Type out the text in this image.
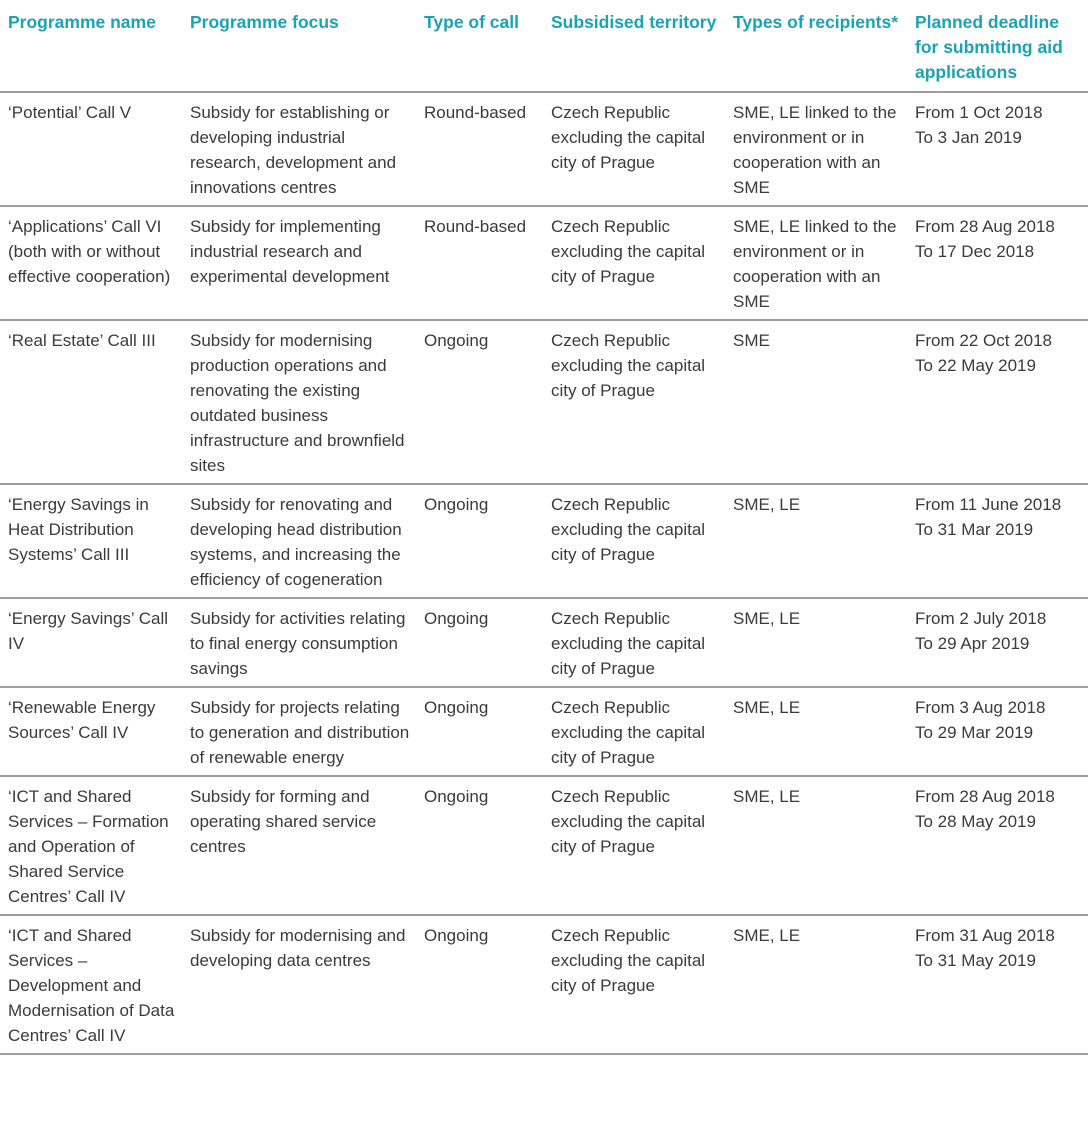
Programme name	Programme focus	Type of call	Subsidised territory	Types of recipients*	Planned deadline for submitting aid applications
‘Potential’ Call V	Subsidy for establishing or developing industrial research, development and innovations centres	Round-based	Czech Republic excluding the capital city of Prague	SME, LE linked to the environment or in cooperation with an SME	From 1 Oct 2018
To 3 Jan 2019

‘Applications’ Call VI (both with or without effective cooperation)	Subsidy for implementing industrial research and experimental development	Round-based	Czech Republic excluding the capital city of Prague	SME, LE linked to the environment or in cooperation with an SME	From 28 Aug 2018
To 17 Dec 2018

‘Real Estate’ Call III	Subsidy for modernising production operations and renovating the existing outdated business infrastructure and brownfield sites	Ongoing	Czech Republic excluding the capital city of Prague	SME	From 22 Oct 2018
To 22 May 2019

‘Energy Savings in Heat Distribution Systems’ Call III	Subsidy for renovating and developing head distribution systems, and increasing the efficiency of cogeneration	Ongoing	Czech Republic excluding the capital city of Prague	SME, LE	From 11 June 2018
To 31 Mar 2019

‘Energy Savings’ Call IV	Subsidy for activities relating to final energy consumption savings	Ongoing	Czech Republic excluding the capital city of Prague	SME, LE	From 2 July 2018
To 29 Apr 2019

‘Renewable Energy Sources’ Call IV	Subsidy for projects relating to generation and distribution of renewable energy	Ongoing	Czech Republic excluding the capital city of Prague	SME, LE	From 3 Aug 2018
To 29 Mar 2019

‘ICT and Shared Services – Formation and Operation of Shared Service Centres’ Call IV	Subsidy for forming and operating shared service centres	Ongoing	Czech Republic excluding the capital city of Prague	SME, LE	From 28 Aug 2018
To 28 May 2019

‘ICT and Shared Services – Development and Modernisation of Data Centres’ Call IV	Subsidy for modernising and developing data centres	Ongoing	Czech Republic excluding the capital city of Prague	SME, LE	From 31 Aug 2018
To 31 May 2019
